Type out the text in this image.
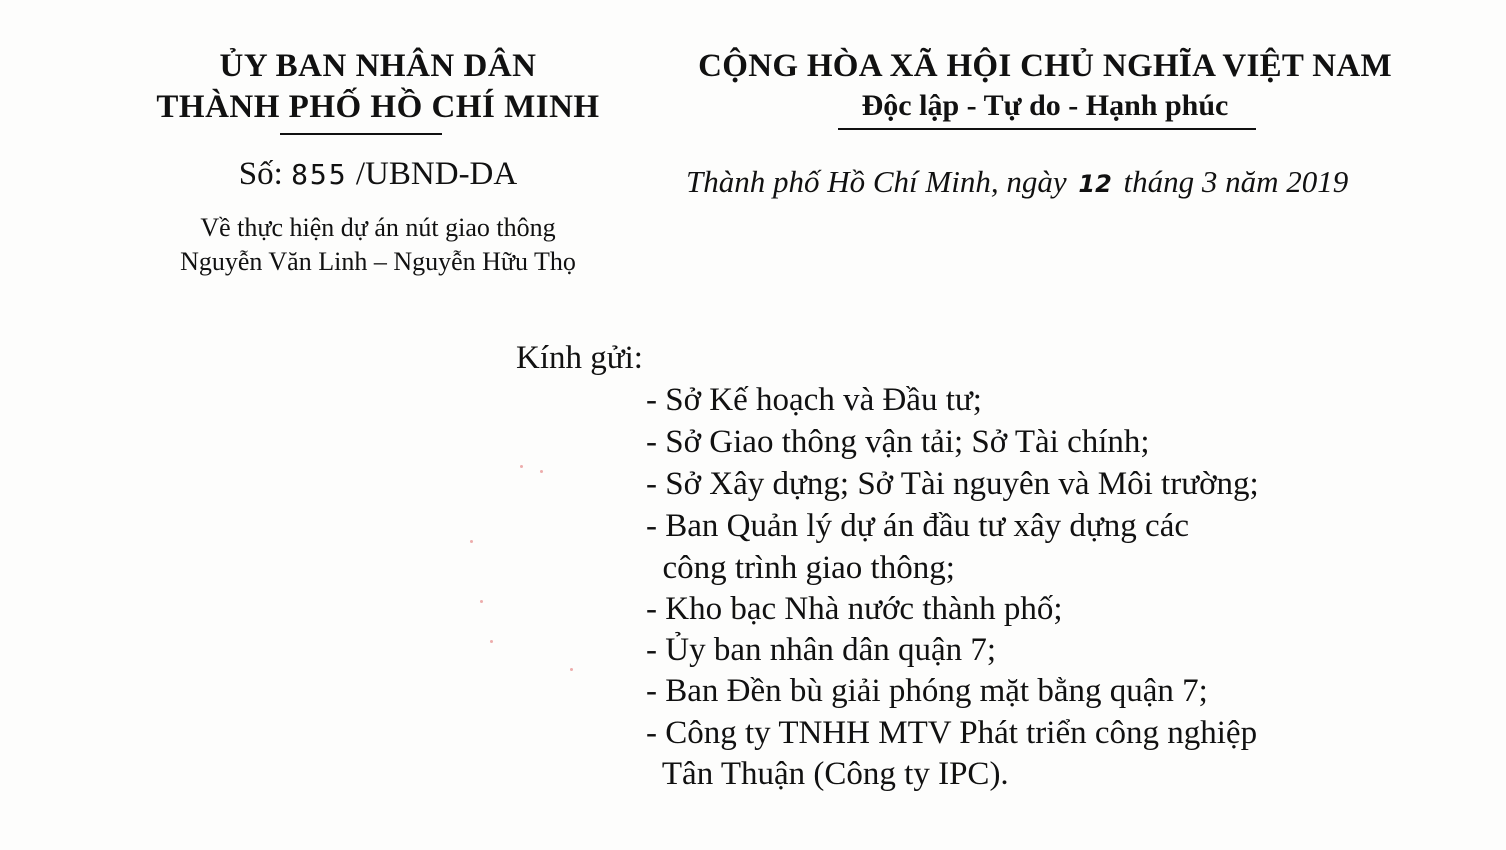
ỦY BAN NHÂN DÂN
THÀNH PHỐ HỒ CHÍ MINH
Số: 855 /UBND-DA
Về thực hiện dự án nút giao thông
Nguyễn Văn Linh – Nguyễn Hữu Thọ
CỘNG HÒA XÃ HỘI CHỦ NGHĨA VIỆT NAM
Độc lập - Tự do - Hạnh phúc
Thành phố Hồ Chí Minh, ngày 12 tháng 3 năm 2019
Kính gửi:
- Sở Kế hoạch và Đầu tư;
- Sở Giao thông vận tải; Sở Tài chính;
- Sở Xây dựng; Sở Tài nguyên và Môi trường;
- Ban Quản lý dự án đầu tư xây dựng các
công trình giao thông;
- Kho bạc Nhà nước thành phố;
- Ủy ban nhân dân quận 7;
- Ban Đền bù giải phóng mặt bằng quận 7;
- Công ty TNHH MTV Phát triển công nghiệp
Tân Thuận (Công ty IPC).
